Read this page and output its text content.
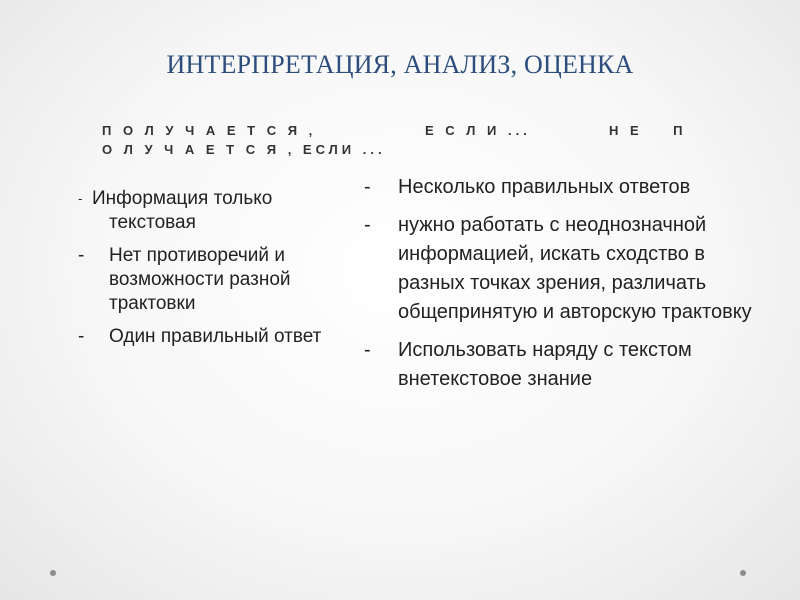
ИНТЕРПРЕТАЦИЯ, АНАЛИЗ, ОЦЕНКА
П О Л У Ч А Е Т С Я ,
О Л У Ч А Е Т С Я , ЕСЛИ ...
Е С Л И ...	Н Е    П
- Информация только текстовая
-	Нет противоречий и возможности разной трактовки
-	Один правильный ответ
-	Несколько правильных ответов
-	нужно работать с неоднозначной информацией, искать сходство в разных точках зрения, различать общепринятую и авторскую трактовку
-	Использовать наряду с текстом внетекстовое знание
